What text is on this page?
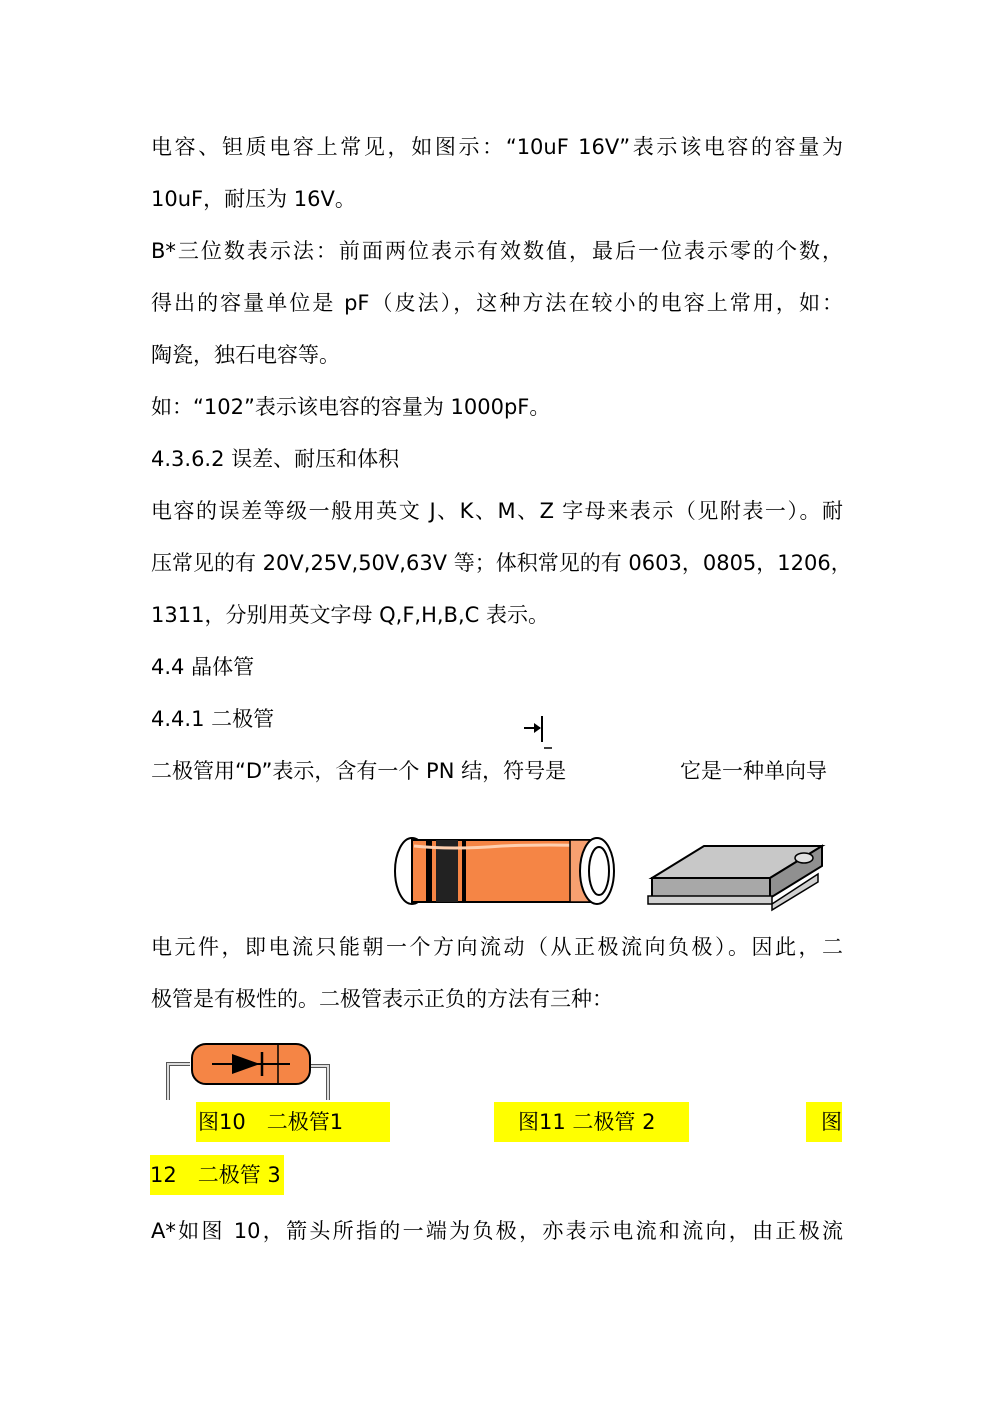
电容、钽质电容上常见，如图示：“10uF 16V”表示该电容的容量为
10uF，耐压为 16V。
B*三位数表示法：前面两位表示有效数值，最后一位表示零的个数，
得出的容量单位是 pF（皮法），这种方法在较小的电容上常用，如：
陶瓷，独石电容等。
如：“102”表示该电容的容量为 1000pF。
4.3.6.2 误差、耐压和体积
电容的误差等级一般用英文 J、K、M、Z 字母来表示（见附表一）。耐
压常见的有 20V,25V,50V,63V 等；体积常见的有 0603，0805，1206，
1311，分别用英文字母 Q,F,H,B,C 表示。
4.4 晶体管
4.4.1 二极管
二极管用“D”表示，含有一个 PN 结，符号是	它是一种单向导
电元件，即电流只能朝一个方向流动（从正极流向负极）。因此，二
极管是有极性的。二极管表示正负的方法有三种：
图10　二极管1	图11 二极管 2	图
12　二极管 3
A*如图 10，箭头所指的一端为负极，亦表示电流和流向，由正极流
